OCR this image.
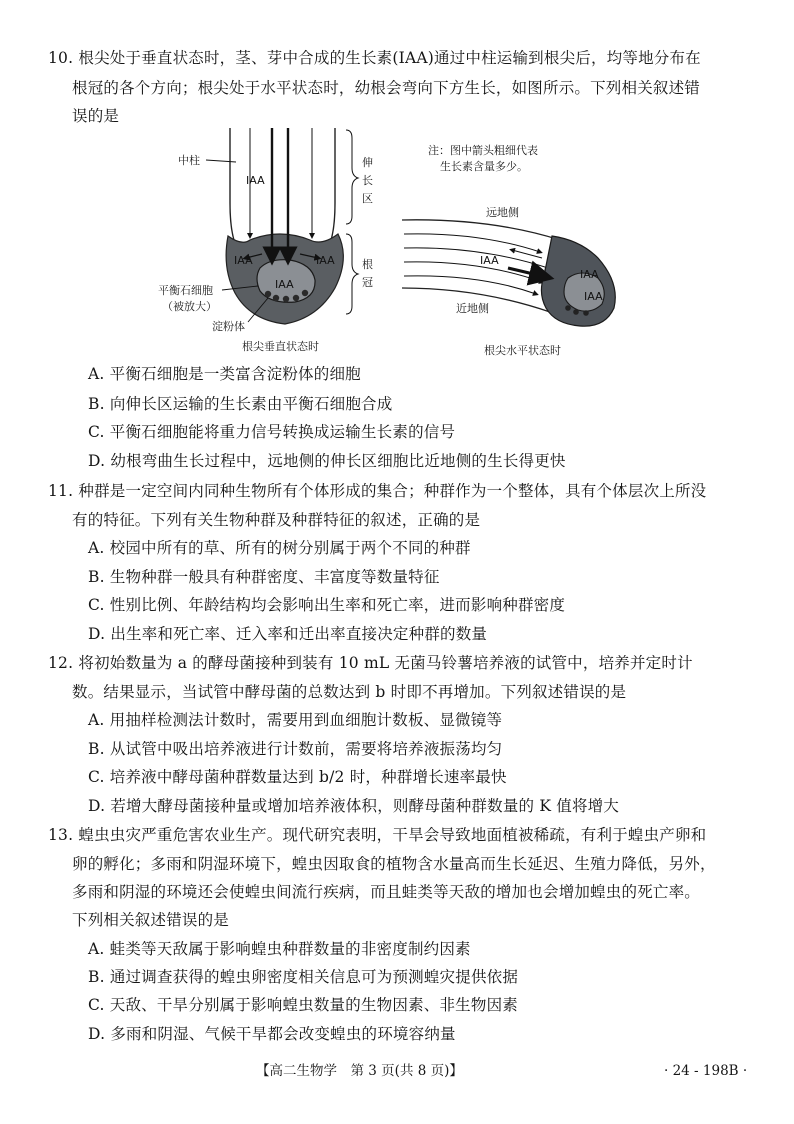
10. 根尖处于垂直状态时，茎、芽中合成的生长素(IAA)通过中柱运输到根尖后，均等地分布在
根冠的各个方向；根尖处于水平状态时，幼根会弯向下方生长，如图所示。下列相关叙述错
误的是
IAA
IAA
IAA
IAA
中柱	伸
长
区
根
冠
平衡石细胞
（被放大）
淀粉体
根尖垂直状态时
注：图中箭头粗细代表
生长素含量多少。
远地侧
近地侧
IAA
IAA
IAA
根尖水平状态时
A. 平衡石细胞是一类富含淀粉体的细胞
B. 向伸长区运输的生长素由平衡石细胞合成
C. 平衡石细胞能将重力信号转换成运输生长素的信号
D. 幼根弯曲生长过程中，远地侧的伸长区细胞比近地侧的生长得更快
11. 种群是一定空间内同种生物所有个体形成的集合；种群作为一个整体，具有个体层次上所没
有的特征。下列有关生物种群及种群特征的叙述，正确的是
A. 校园中所有的草、所有的树分别属于两个不同的种群
B. 生物种群一般具有种群密度、丰富度等数量特征
C. 性别比例、年龄结构均会影响出生率和死亡率，进而影响种群密度
D. 出生率和死亡率、迁入率和迁出率直接决定种群的数量
12. 将初始数量为 a 的酵母菌接种到装有 10 mL 无菌马铃薯培养液的试管中，培养并定时计
数。结果显示，当试管中酵母菌的总数达到 b 时即不再增加。下列叙述错误的是
A. 用抽样检测法计数时，需要用到血细胞计数板、显微镜等
B. 从试管中吸出培养液进行计数前，需要将培养液振荡均匀
C. 培养液中酵母菌种群数量达到 b/2 时，种群增长速率最快
D. 若增大酵母菌接种量或增加培养液体积，则酵母菌种群数量的 K 值将增大
13. 蝗虫虫灾严重危害农业生产。现代研究表明，干旱会导致地面植被稀疏，有利于蝗虫产卵和
卵的孵化；多雨和阴湿环境下，蝗虫因取食的植物含水量高而生长延迟、生殖力降低，另外，
多雨和阴湿的环境还会使蝗虫间流行疾病，而且蛙类等天敌的增加也会增加蝗虫的死亡率。
下列相关叙述错误的是
A. 蛙类等天敌属于影响蝗虫种群数量的非密度制约因素
B. 通过调查获得的蝗虫卵密度相关信息可为预测蝗灾提供依据
C. 天敌、干旱分别属于影响蝗虫数量的生物因素、非生物因素
D. 多雨和阴湿、气候干旱都会改变蝗虫的环境容纳量
【高二生物学　第 3 页(共 8 页)】	· 24 - 198B ·
